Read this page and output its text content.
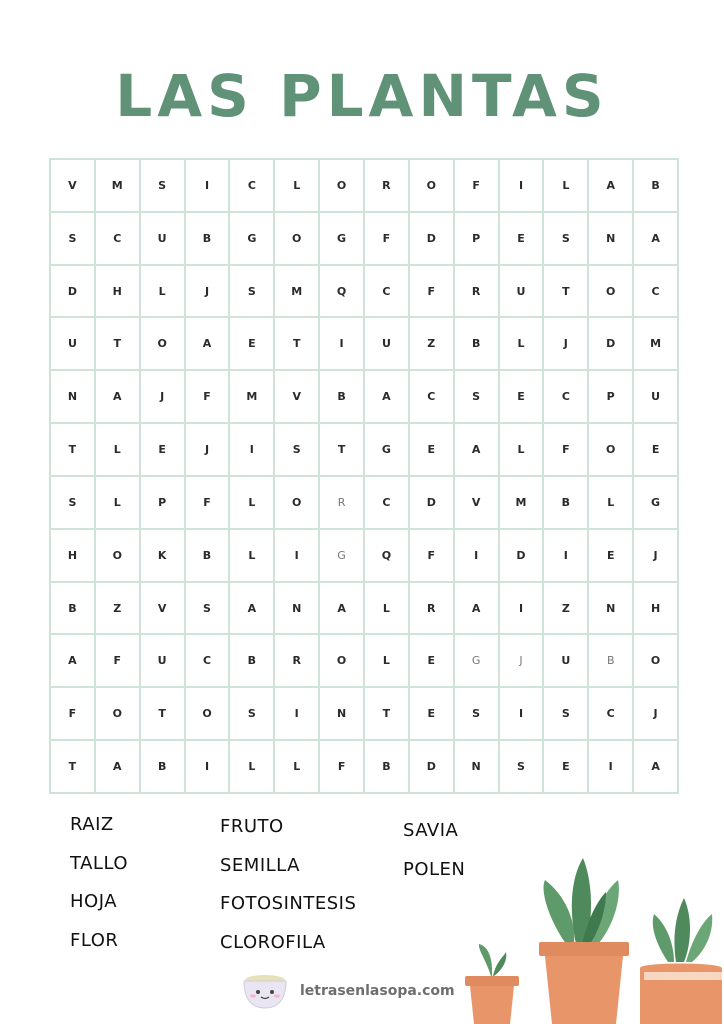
LAS PLANTAS
V	M	S	I	C	L	O	R	O	F	I	L	A	B
S	C	U	B	G	O	G	F	D	P	E	S	N	A
D	H	L	J	S	M	Q	C	F	R	U	T	O	C
U	T	O	A	E	T	I	U	Z	B	L	J	D	M
N	A	J	F	M	V	B	A	C	S	E	C	P	U
T	L	E	J	I	S	T	G	E	A	L	F	O	E
S	L	P	F	L	O	R	C	D	V	M	B	L	G
H	O	K	B	L	I	G	Q	F	I	D	I	E	J
B	Z	V	S	A	N	A	L	R	A	I	Z	N	H
A	F	U	C	B	R	O	L	E	G	J	U	B	O
F	O	T	O	S	I	N	T	E	S	I	S	C	J
T	A	B	I	L	L	F	B	D	N	S	E	I	A
RAIZ
TALLO
HOJA
FLOR
FRUTO
SEMILLA
FOTOSINTESIS
CLOROFILA
SAVIA
POLEN
letrasenlasopa.com
